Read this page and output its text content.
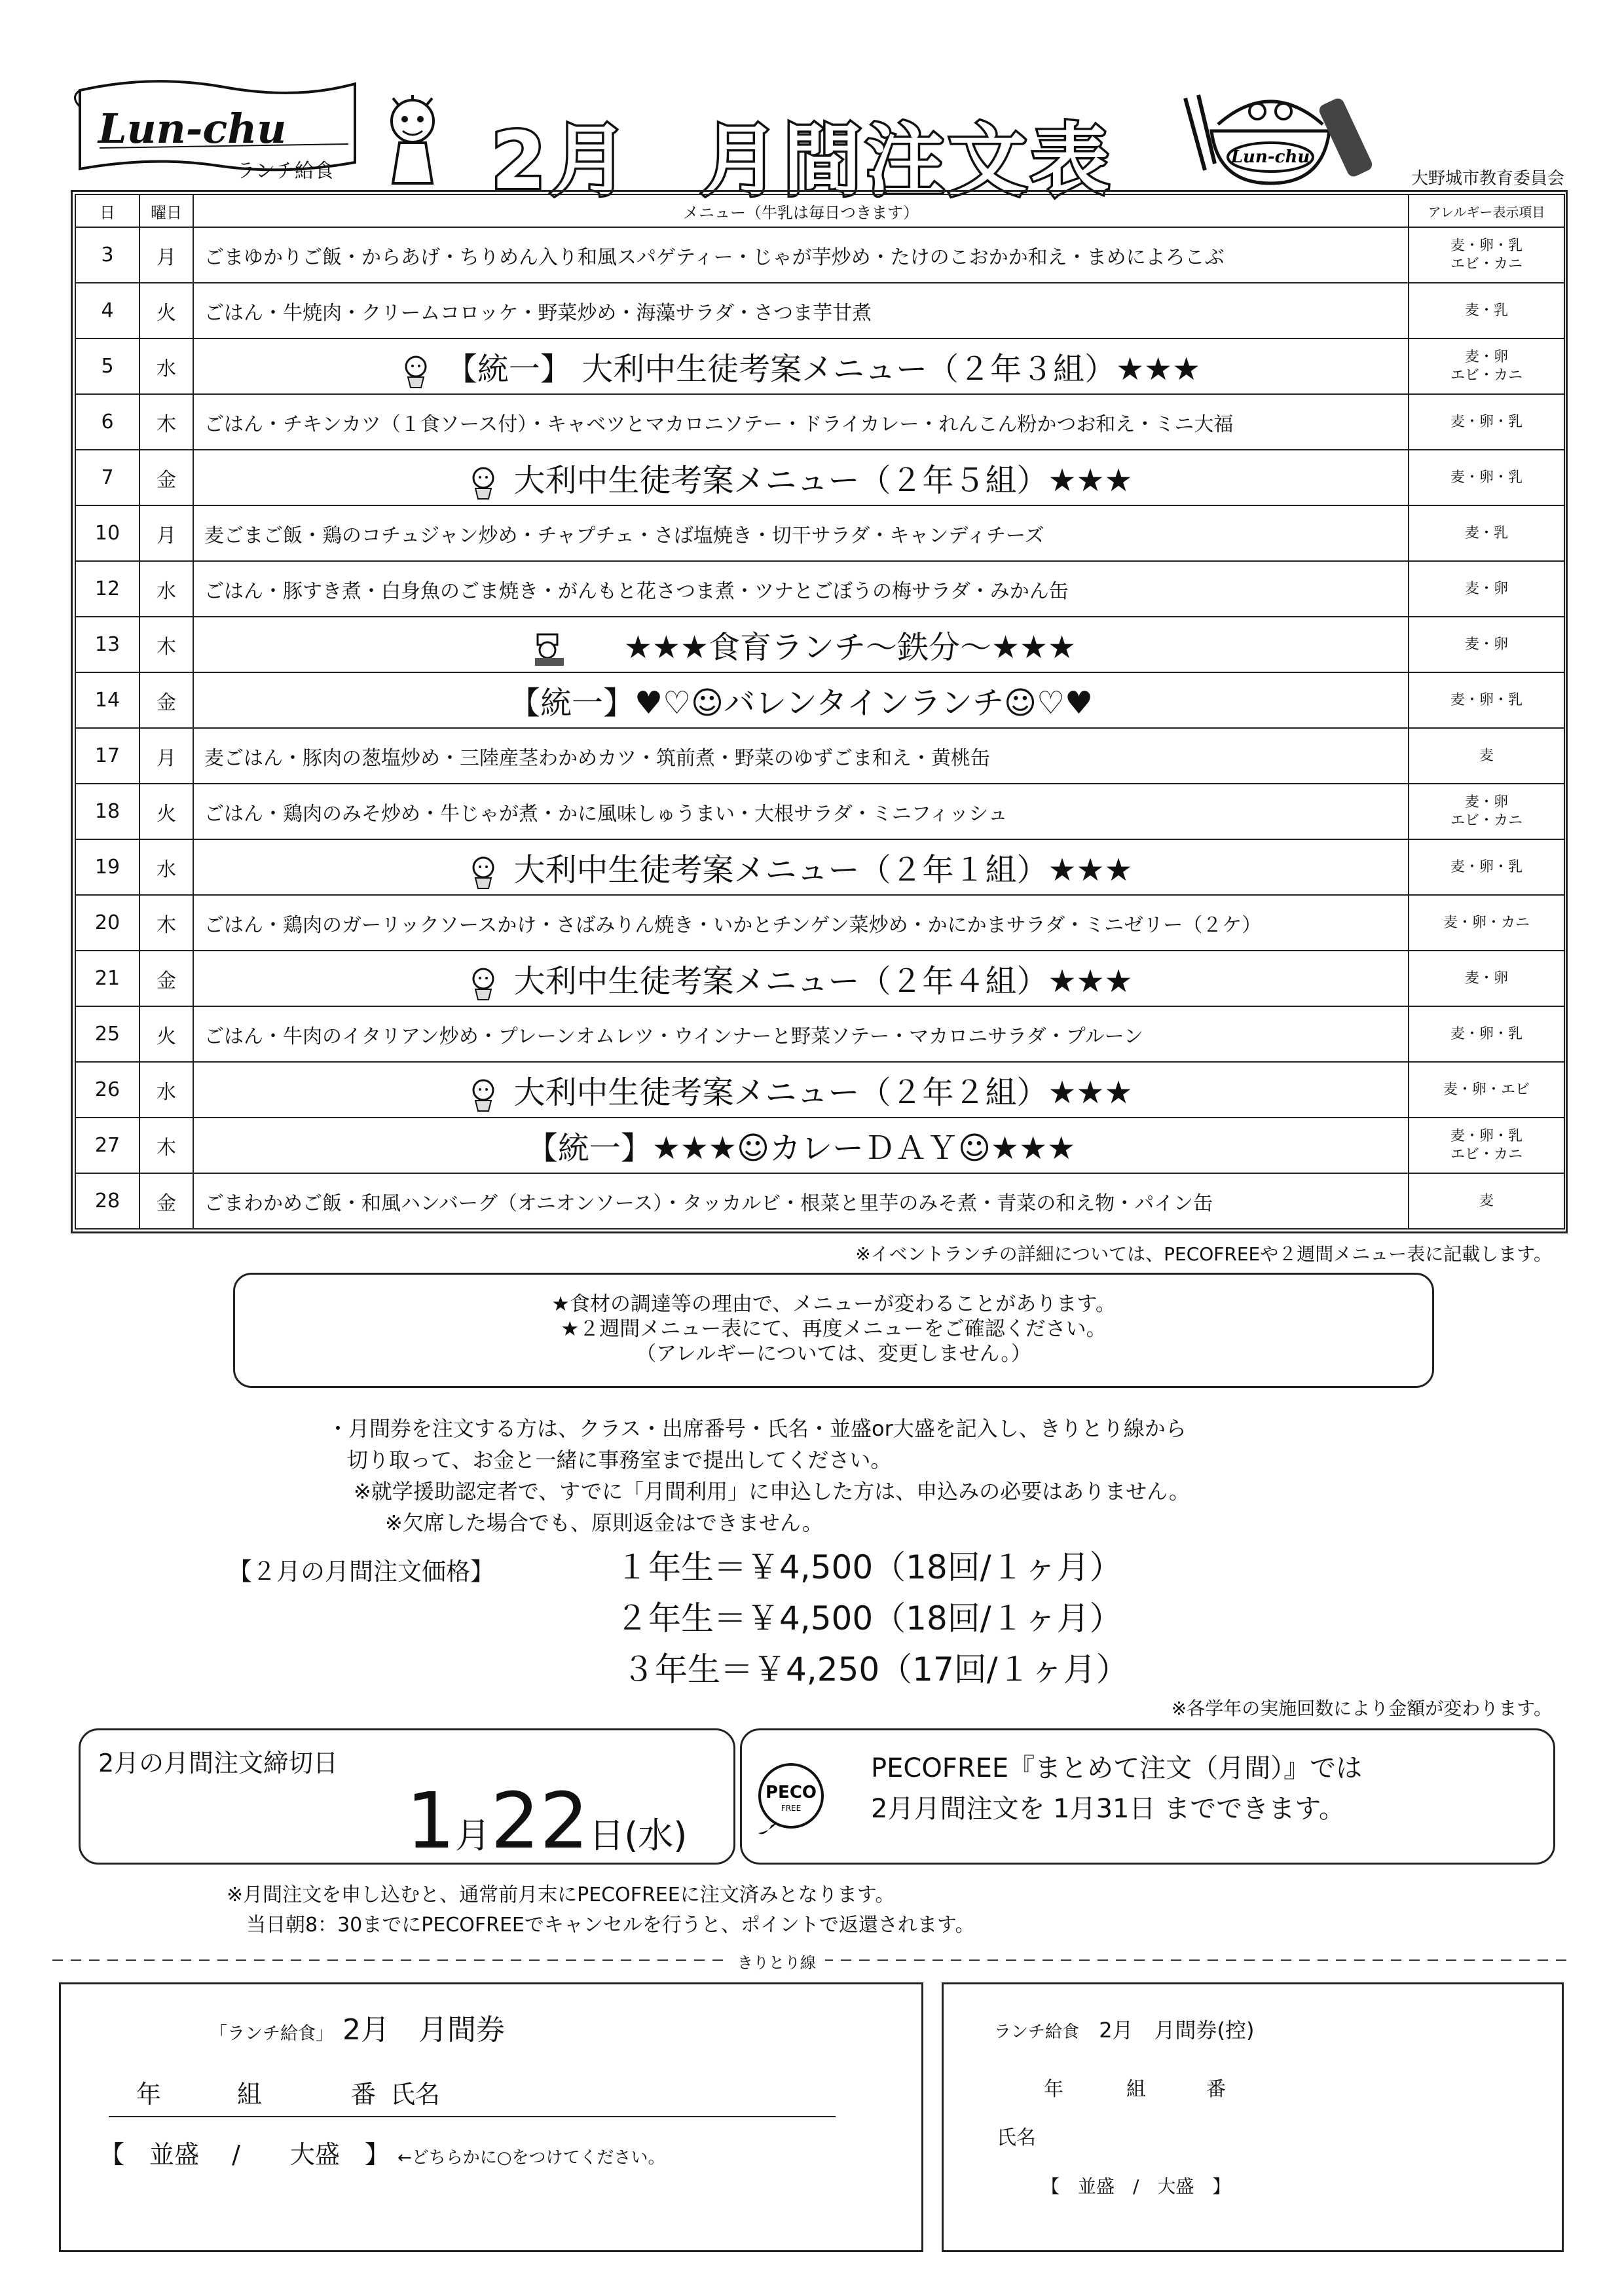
Lun-chu
ランチ給食 2月 月間注文表	Lun-chu
大野城市教育委員会
日	曜日	メニュー（牛乳は毎日つきます）	アレルギー表示項目
3	月	ごまゆかりご飯・からあげ・ちりめん入り和風スパゲティー・じゃが芋炒め・たけのこおかか和え・まめによろこぶ	麦・卵・乳
エビ・カニ

4	火	ごはん・牛焼肉・クリームコロッケ・野菜炒め・海藻サラダ・さつま芋甘煮	麦・乳

5	水	【統一】 大利中生徒考案メニュー（２年３組）★★★	麦・卵
エビ・カニ

6	木	ごはん・チキンカツ（１食ソース付）・キャベツとマカロニソテー・ドライカレー・れんこん粉かつお和え・ミニ大福	麦・卵・乳

7	金	大利中生徒考案メニュー（２年５組）★★★	麦・卵・乳

10	月	麦ごまご飯・鶏のコチュジャン炒め・チャプチェ・さば塩焼き・切干サラダ・キャンディチーズ	麦・乳

12	水	ごはん・豚すき煮・白身魚のごま焼き・がんもと花さつま煮・ツナとごぼうの梅サラダ・みかん缶	麦・卵

13	木	★★★食育ランチ～鉄分～★★★	麦・卵

14	金	【統一】♥♡☺バレンタインランチ☺♡♥	麦・卵・乳

17	月	麦ごはん・豚肉の葱塩炒め・三陸産茎わかめカツ・筑前煮・野菜のゆずごま和え・黄桃缶	麦

18	火	ごはん・鶏肉のみそ炒め・牛じゃが煮・かに風味しゅうまい・大根サラダ・ミニフィッシュ	麦・卵
エビ・カニ

19	水	大利中生徒考案メニュー（２年１組）★★★	麦・卵・乳

20	木	ごはん・鶏肉のガーリックソースかけ・さばみりん焼き・いかとチンゲン菜炒め・かにかまサラダ・ミニゼリー（２ケ）	麦・卵・カニ

21	金	大利中生徒考案メニュー（２年４組）★★★	麦・卵

25	火	ごはん・牛肉のイタリアン炒め・プレーンオムレツ・ウインナーと野菜ソテー・マカロニサラダ・プルーン	麦・卵・乳

26	水	大利中生徒考案メニュー（２年２組）★★★	麦・卵・エビ

27	木	【統一】★★★☺カレーＤＡＹ☺★★★	麦・卵・乳
エビ・カニ

28	金	ごまわかめご飯・和風ハンバーグ（オニオンソース）・タッカルビ・根菜と里芋のみそ煮・青菜の和え物・パイン缶	麦
※イベントランチの詳細については、PECOFREEや２週間メニュー表に記載します。
★食材の調達等の理由で、メニューが変わることがあります。
★２週間メニュー表にて、再度メニューをご確認ください。
（アレルギーについては、変更しません。）
・月間券を注文する方は、クラス・出席番号・氏名・並盛or大盛を記入し、きりとり線から
切り取って、お金と一緒に事務室まで提出してください。
※就学援助認定者で、すでに「月間利用」に申込した方は、申込みの必要はありません。
※欠席した場合でも、原則返金はできません。
【２月の月間注文価格】	１年生＝￥4,500（18回/１ヶ月）
２年生＝￥4,500（18回/１ヶ月）
３年生＝￥4,250（17回/１ヶ月）
※各学年の実施回数により金額が変わります。
2月の月間注文締切日
1月22日(水)
PECO
FREE
PECOFREE『まとめて注文（月間）』では
2月月間注文を 1月31日 までできます。
※月間注文を申し込むと、通常前月末にPECOFREEに注文済みとなります。
当日朝8：30までにPECOFREEでキャンセルを行うと、ポイントで返還されます。
きりとり線
「ランチ給食」 2月　月間券
年	組	番 氏名
【　並盛　 /　　大盛　】 ←どちらかに○をつけてください。
ランチ給食 2月　月間券(控)
年	組	番
氏名
【　並盛　/　大盛　】
